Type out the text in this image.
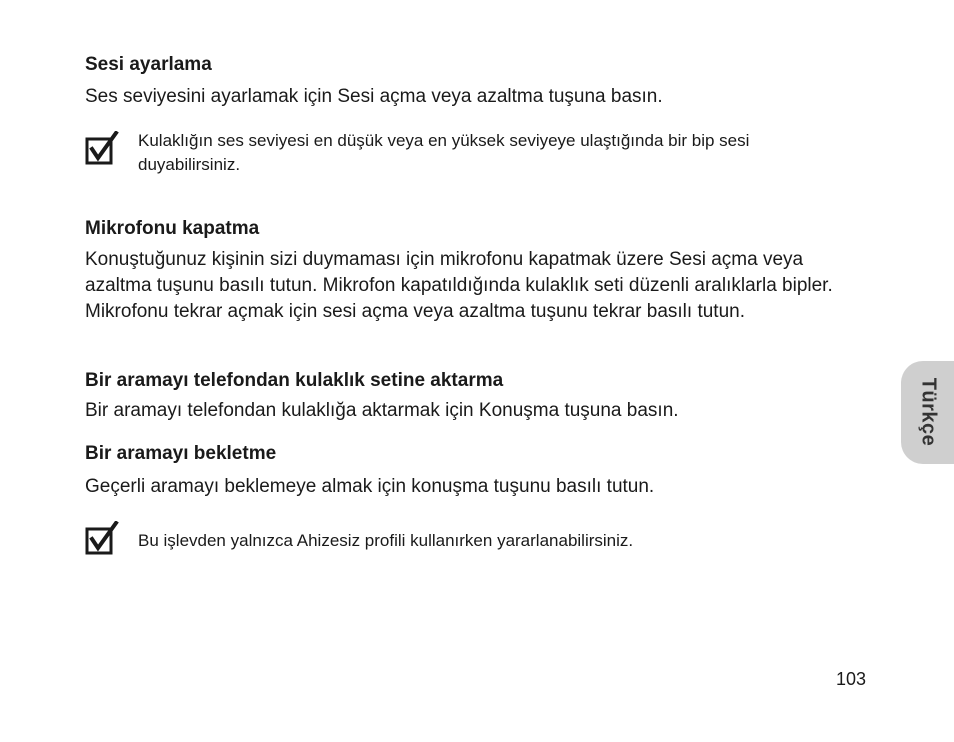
Sesi ayarlama

Ses seviyesini ayarlamak için Sesi açma veya azaltma tuşuna basın.

Kulaklığın ses seviyesi en düşük veya en yüksek seviyeye ulaştığında bir bip sesi duyabilirsiniz.

Mikrofonu kapatma

Konuştuğunuz kişinin sizi duymaması için mikrofonu kapatmak üzere Sesi açma veya azaltma tuşunu basılı tutun. Mikrofon kapatıldığında kulaklık seti düzenli aralıklarla bipler. Mikrofonu tekrar açmak için sesi açma veya azaltma tuşunu tekrar basılı tutun.

Bir aramayı telefondan kulaklık setine aktarma

Bir aramayı telefondan kulaklığa aktarmak için Konuşma tuşuna basın.

Bir aramayı bekletme

Geçerli aramayı beklemeye almak için konuşma tuşunu basılı tutun.

Bu işlevden yalnızca Ahizesiz profili kullanırken yararlanabilirsiniz.

Türkçe

103
